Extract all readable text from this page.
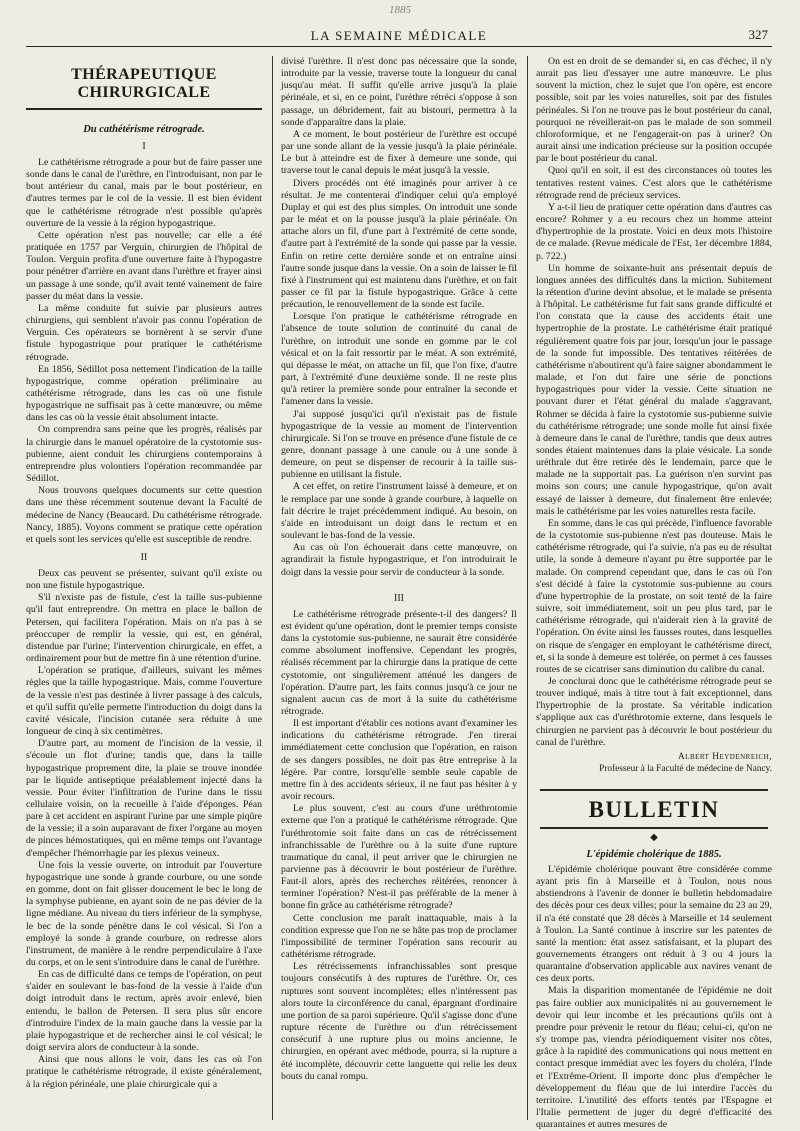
1885
LA SEMAINE MÉDICALE	327
THÉRAPEUTIQUE CHIRURGICALE
Du cathétérisme rétrograde.
I

Le cathétérisme rétrograde a pour but de faire passer une sonde dans le canal de l'urèthre, en l'introduisant, non par le bout antérieur du canal, mais par le bout postérieur, en d'autres termes par le col de la vessie. Il est bien évident que le cathétérisme rétrograde n'est possible qu'après ouverture de la vessie à la région hypogastrique.

Cette opération n'est pas nouvelle; car elle a été pratiquée en 1757 par Verguin, chirurgien de l'hôpital de Toulon. Verguin profita d'une ouverture faite à l'hypogastre pour pénétrer d'arrière en avant dans l'urèthre et frayer ainsi un passage à une sonde, qu'il avait tenté vainement de faire passer du méat dans la vessie.

La même conduite fut suivie par plusieurs autres chirurgiens, qui semblent n'avoir pas connu l'opération de Verguin. Ces opérateurs se bornèrent à se servir d'une fistule hypogastrique pour pratiquer le cathétérisme rétrograde.

En 1856, Sédillot posa nettement l'indication de la taille hypogastrique, comme opération préliminaire au cathétérisme rétrograde, dans les cas où une fistule hypogastrique ne suffisait pas à cette manœuvre, ou même dans les cas où la vessie était absolument intacte.

On comprendra sans peine que les progrès, réalisés par la chirurgie dans le manuel opératoire de la cystotomie sus-pubienne, aient conduit les chirurgiens contemporains à entreprendre plus volontiers l'opération recommandée par Sédillot.

Nous trouvons quelques documents sur cette question dans une thèse récemment soutenue devant la Faculté de médecine de Nancy (Beaucard. Du cathétérisme rétrograde. Nancy, 1885). Voyons comment se pratique cette opération et quels sont les services qu'elle est susceptible de rendre.

II

Deux cas peuvent se présenter, suivant qu'il existe ou non une fistule hypogastrique.

S'il n'existe pas de fistule, c'est la taille sus-pubienne qu'il faut entreprendre. On mettra en place le ballon de Petersen, qui facilitera l'opération. Mais on n'a pas à se préoccuper de remplir la vessie, qui est, en général, distendue par l'urine; l'intervention chirurgicale, en effet, a ordinairement pour but de mettre fin à une rétention d'urine.

L'opération se pratique, d'ailleurs, suivant les mêmes règles que la taille hypogastrique. Mais, comme l'ouverture de la vessie n'est pas destinée à livrer passage à des calculs, et qu'il suffit qu'elle permette l'introduction du doigt dans la cavité vésicale, l'incision cutanée sera réduite à une longueur de cinq à six centimètres.

D'autre part, au moment de l'incision de la vessie, il s'écoule un flot d'urine; tandis que, dans la taille hypogastrique proprement dite, la plaie se trouve inondée par le liquide antiseptique préalablement injecté dans la vessie. Pour éviter l'infiltration de l'urine dans le tissu cellulaire voisin, on la recueille à l'aide d'éponges. Péan pare à cet accident en aspirant l'urine par une simple piqûre de la vessie; il a soin auparavant de fixer l'organe au moyen de pinces hémostatiques, qui en même temps ont l'avantage d'empêcher l'hémorrhagie par les plexus veineux.

Une fois la vessie ouverte, on introduit par l'ouverture hypogastrique une sonde à grande courbure, ou une sonde en gomme, dont on fait glisser doucement le bec le long de la symphyse pubienne, en ayant soin de ne pas dévier de la ligne médiane. Au niveau du tiers inférieur de la symphyse, le bec de la sonde pénètre dans le col vésical. Si l'on a employé la sonde à grande courbure, on redresse alors l'instrument, de manière à le rendre perpendiculaire à l'axe du corps, et on le sent s'introduire dans le canal de l'urèthre.

En cas de difficulté dans ce temps de l'opération, on peut s'aider en soulevant le bas-fond de la vessie à l'aide d'un doigt introduit dans le rectum, après avoir enlevé, bien entendu, le ballon de Petersen. Il sera plus sûr encore d'introduire l'index de la main gauche dans la vessie par la plaie hypogastrique et de rechercher ainsi le col vésical; le doigt servira alors de conducteur à la sonde.

Ainsi que nous allons le voir, dans les cas où l'on pratique le cathétérisme rétrograde, il existe généralement, à la région périnéale, une plaie chirurgicale qui a

divisé l'urèthre. Il n'est donc pas nécessaire que la sonde, introduite par la vessie, traverse toute la longueur du canal jusqu'au méat. Il suffit qu'elle arrive jusqu'à la plaie périnéale, et si, en ce point, l'urèthre rétréci s'oppose à son passage, un débridement, fait au bistouri, permettra à la sonde d'apparaître dans la plaie.

A ce moment, le bout postérieur de l'urèthre est occupé par une sonde allant de la vessie jusqu'à la plaie périnéale. Le but à atteindre est de fixer à demeure une sonde, qui traverse tout le canal depuis le méat jusqu'à la vessie.

Divers procédés ont été imaginés pour arriver à ce résultat. Je me contenterai d'indiquer celui qu'a employé Duplay et qui est des plus simples. On introduit une sonde par le méat et on la pousse jusqu'à la plaie périnéale. On attache alors un fil, d'une part à l'extrémité de cette sonde, d'autre part à l'extrémité de la sonde qui passe par la vessie. Enfin on retire cette dernière sonde et on entraîne ainsi l'autre sonde jusque dans la vessie. On a soin de laisser le fil fixé à l'instrument qui est maintenu dans l'urèthre, et on fait passer ce fil par la fistule hypogastrique. Grâce à cette précaution, le renouvellement de la sonde est facile.

Lorsque l'on pratique le cathétérisme rétrograde en l'absence de toute solution de continuité du canal de l'urèthre, on introduit une sonde en gomme par le col vésical et on la fait ressortir par le méat. A son extrémité, qui dépasse le méat, on attache un fil, que l'on fixe, d'autre part, à l'extrémité d'une deuxième sonde. Il ne reste plus qu'à retirer la première sonde pour entraîner la seconde et l'amener dans la vessie.

J'ai supposé jusqu'ici qu'il n'existait pas de fistule hypogastrique de la vessie au moment de l'intervention chirurgicale. Si l'on se trouve en présence d'une fistule de ce genre, donnant passage à une canule ou à une sonde à demeure, on peut se dispenser de recourir à la taille sus-pubienne en utilisant la fistule.

A cet effet, on retire l'instrument laissé à demeure, et on le remplace par une sonde à grande courbure, à laquelle on fait décrire le trajet précédemment indiqué. Au besoin, on s'aide en introduisant un doigt dans le rectum et en soulevant le bas-fond de la vessie.

Au cas où l'on échouerait dans cette manœuvre, on agrandirait la fistule hypogastrique, et l'on introduirait le doigt dans la vessie pour servir de conducteur à la sonde.

III

Le cathétérisme rétrograde présente-t-il des dangers? Il est évident qu'une opération, dont le premier temps consiste dans la cystotomie sus-pubienne, ne saurait être considérée comme absolument inoffensive. Cependant les progrès, réalisés récemment par la chirurgie dans la pratique de cette cystotomie, ont singulièrement atténué les dangers de l'opération. D'autre part, les faits connus jusqu'à ce jour ne signalent aucun cas de mort à la suite du cathétérisme rétrograde.

Il est important d'établir ces notions avant d'examiner les indications du cathétérisme rétrograde. J'en tirerai immédiatement cette conclusion que l'opération, en raison de ses dangers possibles, ne doit pas être entreprise à la légère. Par contre, lorsqu'elle semble seule capable de mettre fin à des accidents sérieux, il ne faut pas hésiter à y avoir recours.

Le plus souvent, c'est au cours d'une uréthrotomie externe que l'on a pratiqué le cathétérisme rétrograde. Que l'uréthrotomie soit faite dans un cas de rétrécissement infranchissable de l'urèthre ou à la suite d'une rupture traumatique du canal, il peut arriver que le chirurgien ne parvienne pas à découvrir le bout postérieur de l'urèthre. Faut-il alors, après des recherches réitérées, renoncer à terminer l'opération? N'est-il pas préférable de la mener à bonne fin grâce au cathétérisme rétrograde?

Cette conclusion me paraît inattaquable, mais à la condition expresse que l'on ne se hâte pas trop de proclamer l'impossibilité de terminer l'opération sans recourir au cathétérisme rétrograde.

Les rétrécissements infranchissables sont presque toujours consécutifs à des ruptures de l'urèthre. Or, ces ruptures sont souvent incomplètes; elles n'intéressent pas alors toute la circonférence du canal, épargnant d'ordinaire une portion de sa paroi supérieure. Qu'il s'agisse donc d'une rupture récente de l'urèthre ou d'un rétrécissement consécutif à une rupture plus ou moins ancienne, le chirurgien, en opérant avec méthode, pourra, si la rupture a été incomplète, découvrir cette languette qui relie les deux bouts du canal rompu.

On est en droit de se demander si, en cas d'échec, il n'y aurait pas lieu d'essayer une autre manœuvre. Le plus souvent la miction, chez le sujet que l'on opère, est encore possible, soit par les voies naturelles, soit par des fistules périnéales. Si l'on ne trouve pas le bout postérieur du canal, pourquoi ne réveillerait-on pas le malade de son sommeil chloroformique, et ne l'engagerait-on pas à uriner? On aurait ainsi une indication précieuse sur la position occupée par le bout postérieur du canal.

Quoi qu'il en soit, il est des circonstances où toutes les tentatives restent vaines. C'est alors que le cathétérisme rétrograde rend de précieux services.

Y a-t-il lieu de pratiquer cette opération dans d'autres cas encore? Rohmer y a eu recours chez un homme atteint d'hypertrophie de la prostate. Voici en deux mots l'histoire de ce malade. (Revue médicale de l'Est, 1er décembre 1884, p. 722.)

Un homme de soixante-huit ans présentait depuis de longues années des difficultés dans la miction. Subitement la rétention d'urine devint absolue, et le malade se présenta à l'hôpital. Le cathétérisme fut fait sans grande difficulté et l'on constata que la cause des accidents était une hypertrophie de la prostate. Le cathétérisme était pratiqué régulièrement quatre fois par jour, lorsqu'un jour le passage de la sonde fut impossible. Des tentatives réitérées de cathétérisme n'aboutirent qu'à faire saigner abondamment le malade, et l'on dut faire une série de ponctions hypogastriques pour vider la vessie. Cette situation ne pouvant durer et l'état général du malade s'aggravant, Rohmer se décida à faire la cystotomie sus-pubienne suivie du cathétérisme rétrograde; une sonde molle fut ainsi fixée à demeure dans le canal de l'urèthre, tandis que deux autres sondes étaient maintenues dans la plaie vésicale. La sonde uréthrale dut être retirée dès le lendemain, parce que le malade ne la supportait pas. La guérison n'en survint pas moins son cours; une canule hypogastrique, qu'on avait essayé de laisser à demeure, dut finalement être enlevée; mais le cathétérisme par les voies naturelles resta facile.

En somme, dans le cas qui précède, l'influence favorable de la cystotomie sus-pubienne n'est pas douteuse. Mais le cathétérisme rétrograde, qui l'a suivie, n'a pas eu de résultat utile, la sonde à demeure n'ayant pu être supportée par le malade. On comprend cependant que, dans le cas où l'on s'est décidé à faire la cystotomie sus-pubienne au cours d'une hypertrophie de la prostate, on soit tenté de la faire suivre, soit immédiatement, soit un peu plus tard, par le cathétérisme rétrograde, qui n'aiderait rien à la gravité de l'opération. On évite ainsi les fausses routes, dans lesquelles on risque de s'engager en employant le cathétérisme direct, et, si la sonde à demeure est tolérée, on permet à ces fausses routes de se cicatriser sans diminution du calibre du canal.

Je conclurai donc que le cathétérisme rétrograde peut se trouver indiqué, mais à titre tout à fait exceptionnel, dans l'hypertrophie de la prostate. Sa véritable indication s'applique aux cas d'uréthrotomie externe, dans lesquels le chirurgien ne parvient pas à découvrir le bout postérieur du canal de l'urèthre.

Albert Heydenreich,
Professeur à la Faculté de médecine de Nancy.
BULLETIN
◆
L'épidémie cholérique de 1885.

L'épidémie cholérique pouvant être considérée comme ayant pris fin à Marseille et à Toulon, nous nous abstiendrons à l'avenir de donner le bulletin hebdomadaire des décès pour ces deux villes; pour la semaine du 23 au 29, il n'a été constaté que 28 décès à Marseille et 14 seulement à Toulon. La Santé continue à inscrire sur les patentes de santé la mention: état assez satisfaisant, et la plupart des gouvernements étrangers ont réduit à 3 ou 4 jours la quarantaine d'observation applicable aux navires venant de ces deux ports.

Mais la disparition momentanée de l'épidémie ne doit pas faire oublier aux municipalités ni au gouvernement le devoir qui leur incombe et les précautions qu'ils ont à prendre pour prévenir le retour du fléau; celui-ci, qu'on ne s'y trompe pas, viendra périodiquement visiter nos côtes, grâce à la rapidité des communications qui nous mettent en contact presque immédiat avec les foyers du choléra, l'Inde et l'Extrême-Orient. Il importe donc plus d'empêcher le développement du fléau que de lui interdire l'accès du territoire. L'inutilité des efforts tentés par l'Espagne et l'Italie permettent de juger du degré d'efficacité des quarantaines et autres mesures de
